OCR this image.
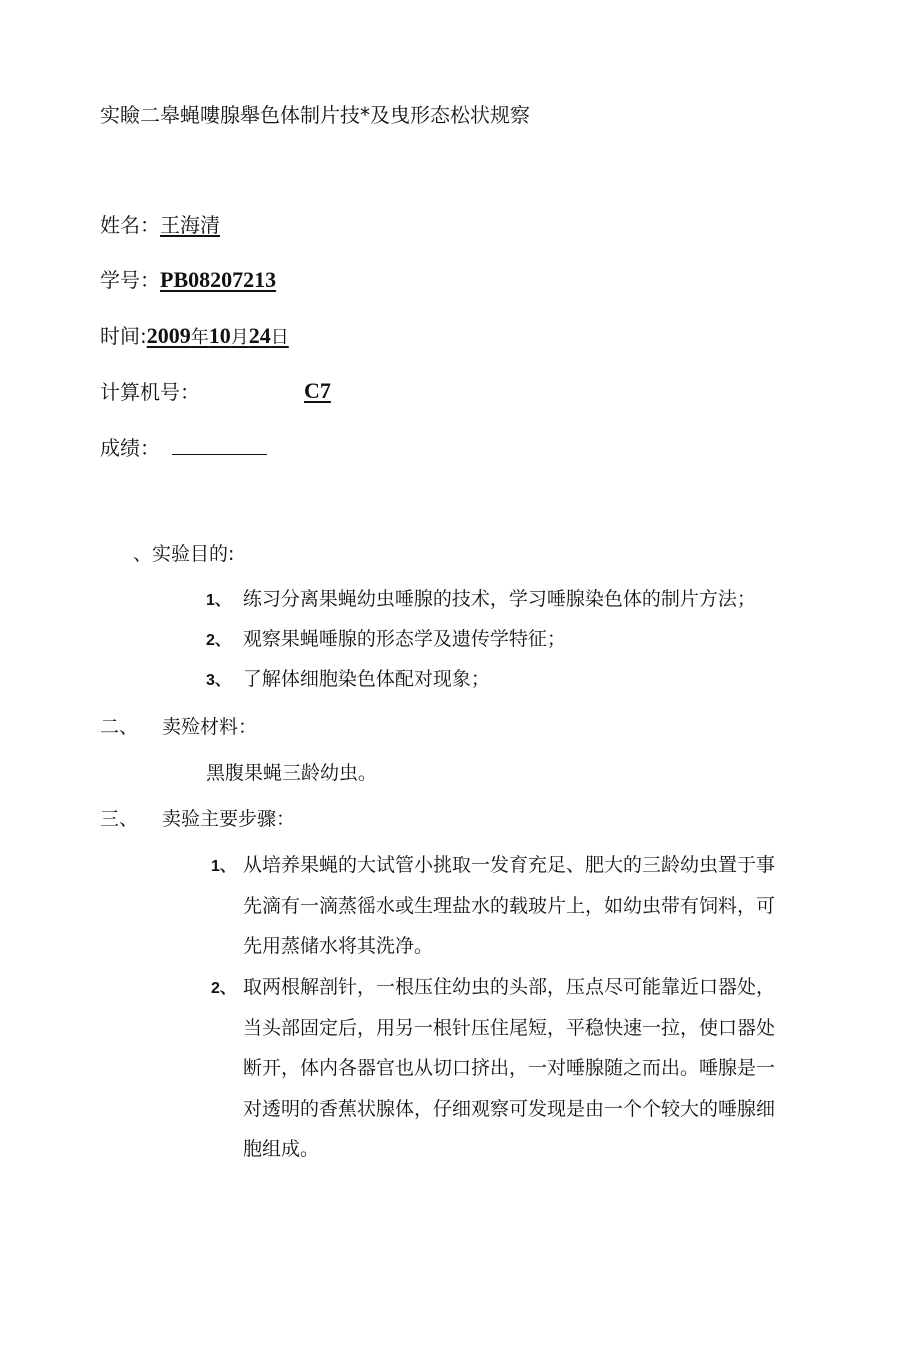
实瞼二皋蝇嘍腺舉色体制片技*及曳形态松状规察
姓名：王海清
学号：PB08207213
时间:2009年10月24日
计算机号：	C7
成绩：
、实验目的:
1、 练习分离果蝇幼虫唾腺的技术，学习唾腺染色体的制片方法；
2、 观察果蝇唾腺的形态学及遗传学特征；
3、 了解体细胞染色体配对现象；
二、 卖殓材料：
黑腹果蝇三龄幼虫。
三、 卖验主要步骤：
1、 从培养果蝇的大试管小挑取一发育充足、肥大的三龄幼虫置于事
先滴有一滴蒸徭水或生理盐水的载玻片上，如幼虫带有饲料，可
先用蒸储水将其洗净。
2、 取两根解剖针，一根压住幼虫的头部，压点尽可能靠近口器处，
当头部固定后，用另一根针压住尾短，平稳快速一拉，使口器处
断开，体内各器官也从切口挤出，一对唾腺随之而出。唾腺是一
对透明的香蕉状腺体，仔细观察可发现是由一个个较大的唾腺细
胞组成。
